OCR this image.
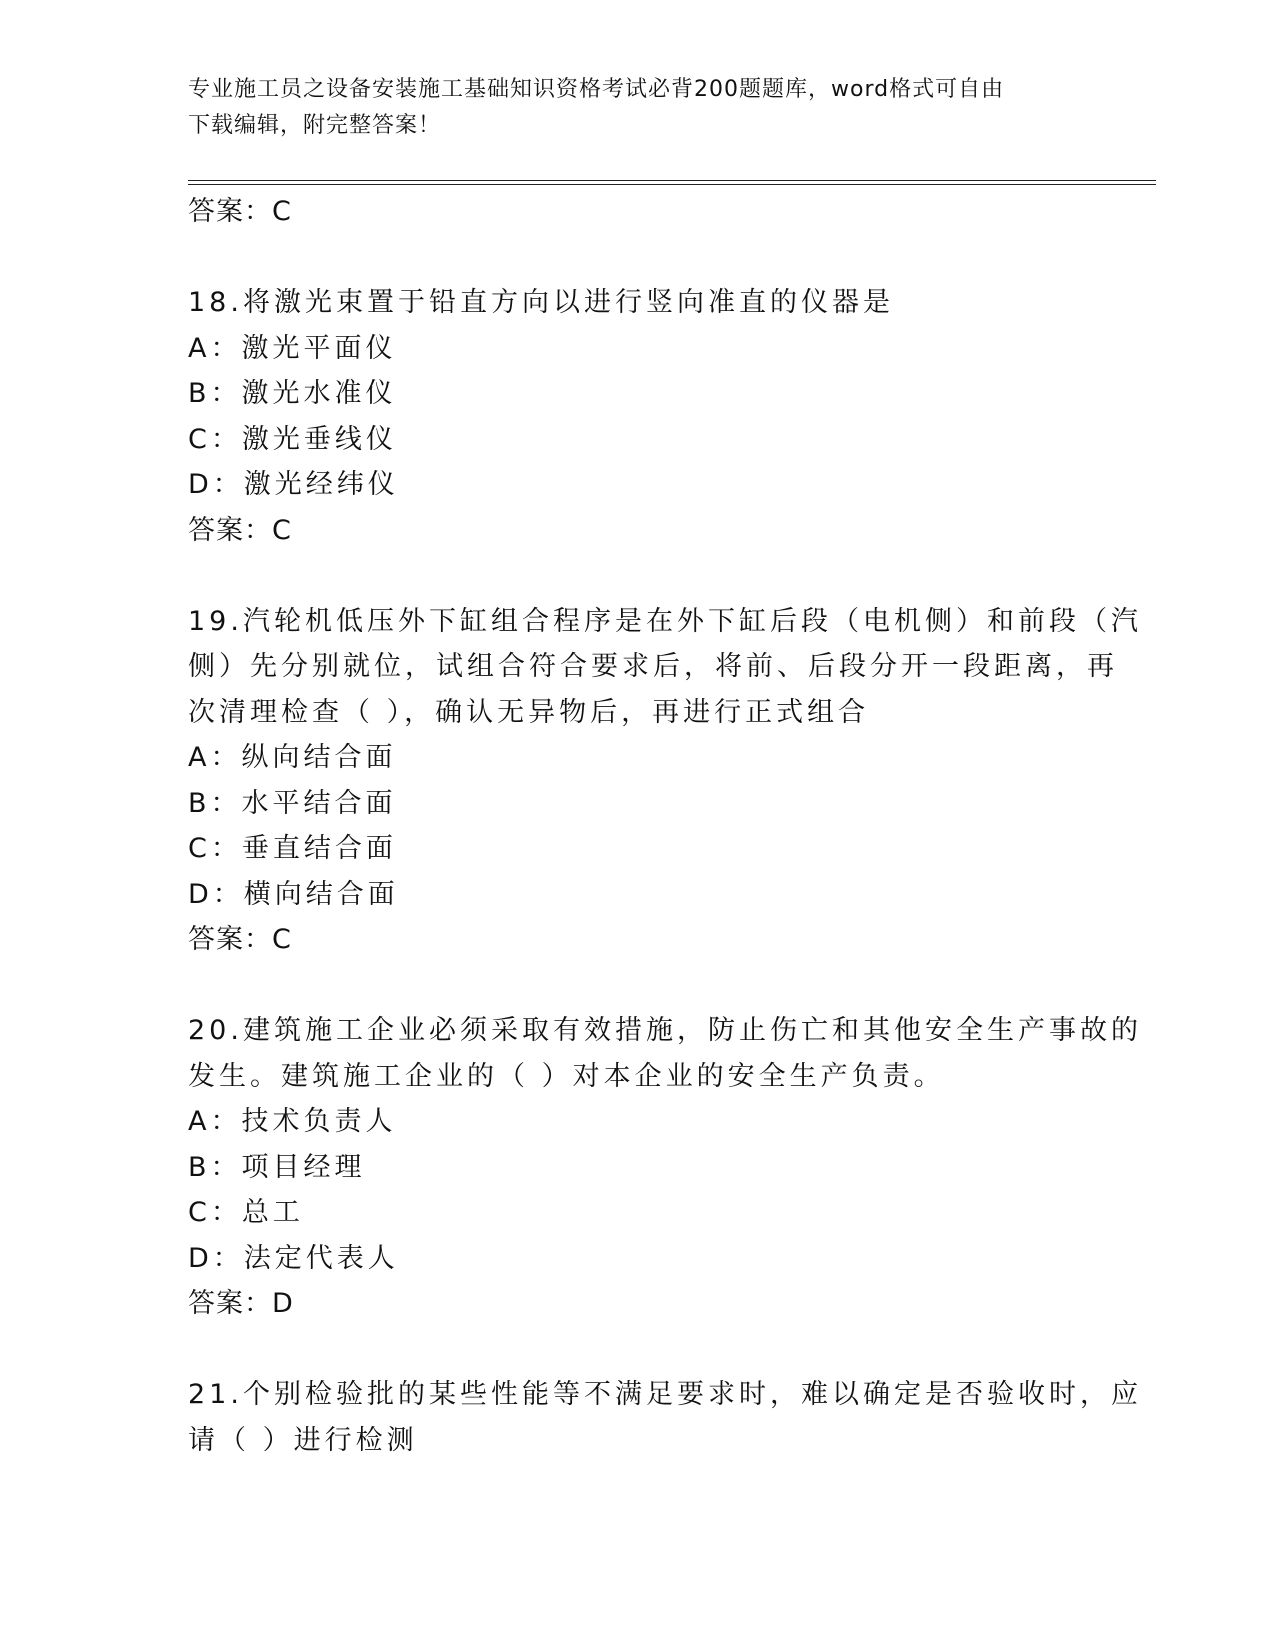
专业施工员之设备安装施工基础知识资格考试必背200题题库，word格式可自由
下载编辑，附完整答案！
答案：C
18.将激光束置于铅直方向以进行竖向准直的仪器是
A：激光平面仪
B：激光水准仪
C：激光垂线仪
D：激光经纬仪
答案：C
19.汽轮机低压外下缸组合程序是在外下缸后段（电机侧）和前段（汽
侧）先分别就位，试组合符合要求后，将前、后段分开一段距离，再
次清理检查（ ），确认无异物后，再进行正式组合
A：纵向结合面
B：水平结合面
C：垂直结合面
D：横向结合面
答案：C
20.建筑施工企业必须采取有效措施，防止伤亡和其他安全生产事故的
发生。建筑施工企业的（ ）对本企业的安全生产负责。
A：技术负责人
B：项目经理
C：总工
D：法定代表人
答案：D
21.个别检验批的某些性能等不满足要求时，难以确定是否验收时，应
请（ ）进行检测
